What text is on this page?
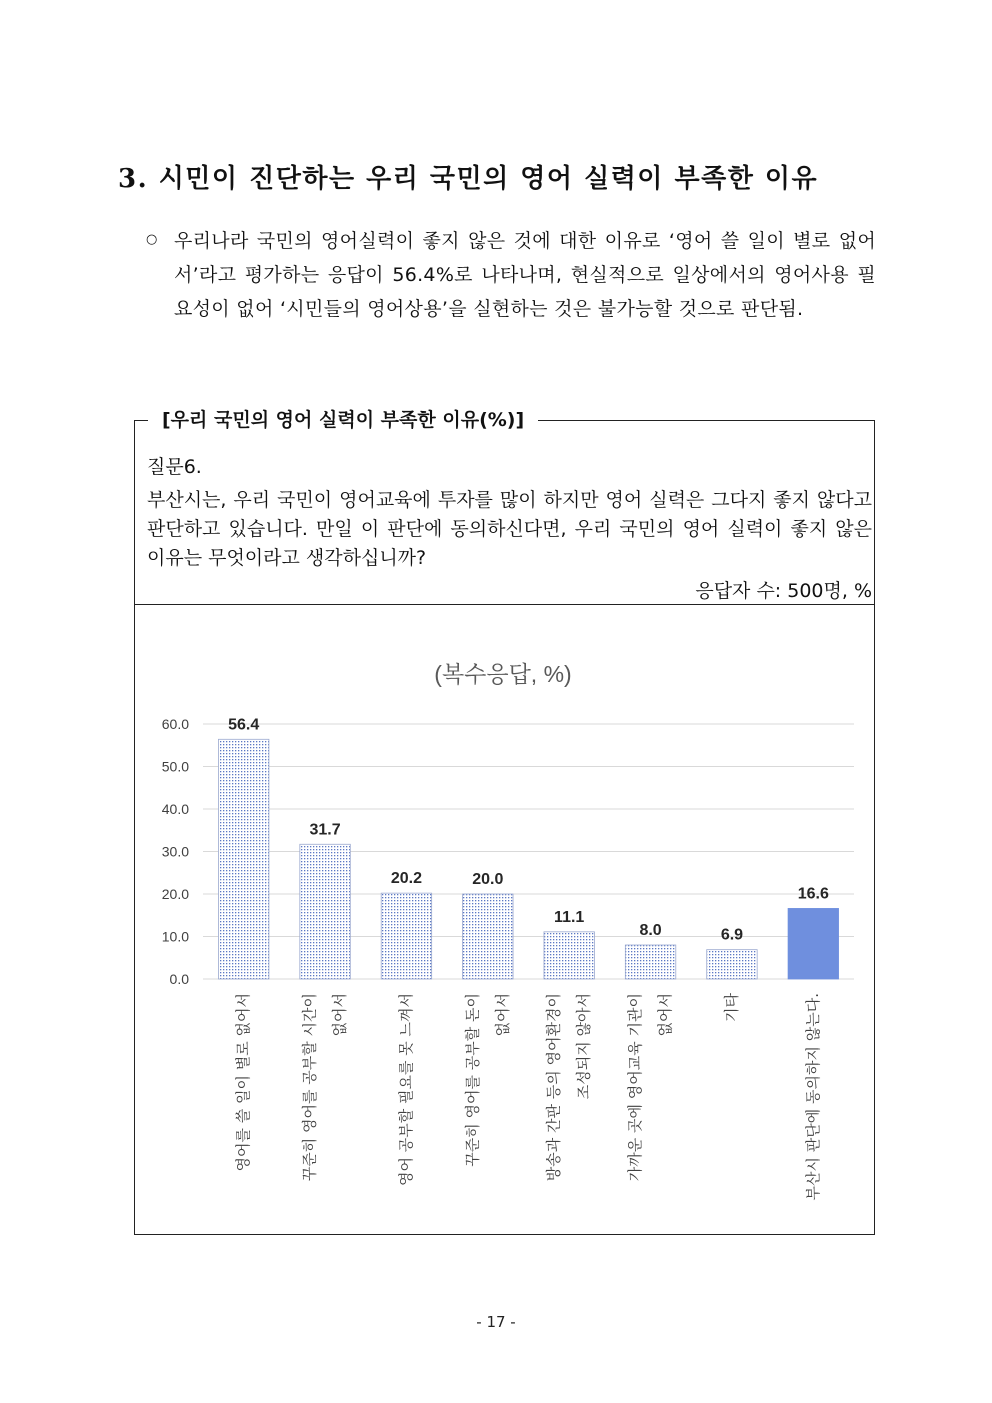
3. 시민이 진단하는 우리 국민의 영어 실력이 부족한 이유
○ 우리나라 국민의 영어실력이 좋지 않은 것에 대한 이유로 ‘영어 쓸 일이 별로 없어서’라고 평가하는 응답이 56.4%로 나타나며, 현실적으로 일상에서의 영어사용 필요성이 없어 ‘시민들의 영어상용’을 실현하는 것은 불가능할 것으로 판단됨.
[우리 국민의 영어 실력이 부족한 이유(%)]
질문6.
부산시는, 우리 국민이 영어교육에 투자를 많이 하지만 영어 실력은 그다지 좋지 않다고 판단하고 있습니다. 만일 이 판단에 동의하신다면, 우리 국민의 영어 실력이 좋지 않은 이유는 무엇이라고 생각하십니까?
응답자 수: 500명, %
(복수응답, %)
0.0
10.0
20.0
30.0
40.0
50.0
60.0 56.4
영어를 쓸 일이 별로 없어서
31.7
꾸준히 영어를 공부할 시간이 없어서
20.2
영어 공부할 필요를 못 느껴서
20.0
꾸준히 영어를 공부할 돈이 없어서
11.1
방송과 간판 등의 영어환경이 조성되지 않아서
8.0
가까운 곳에 영어교육 기관이 없어서
6.9
기타
16.6
부산시 판단에 동의하지 않는다.
- 17 -
